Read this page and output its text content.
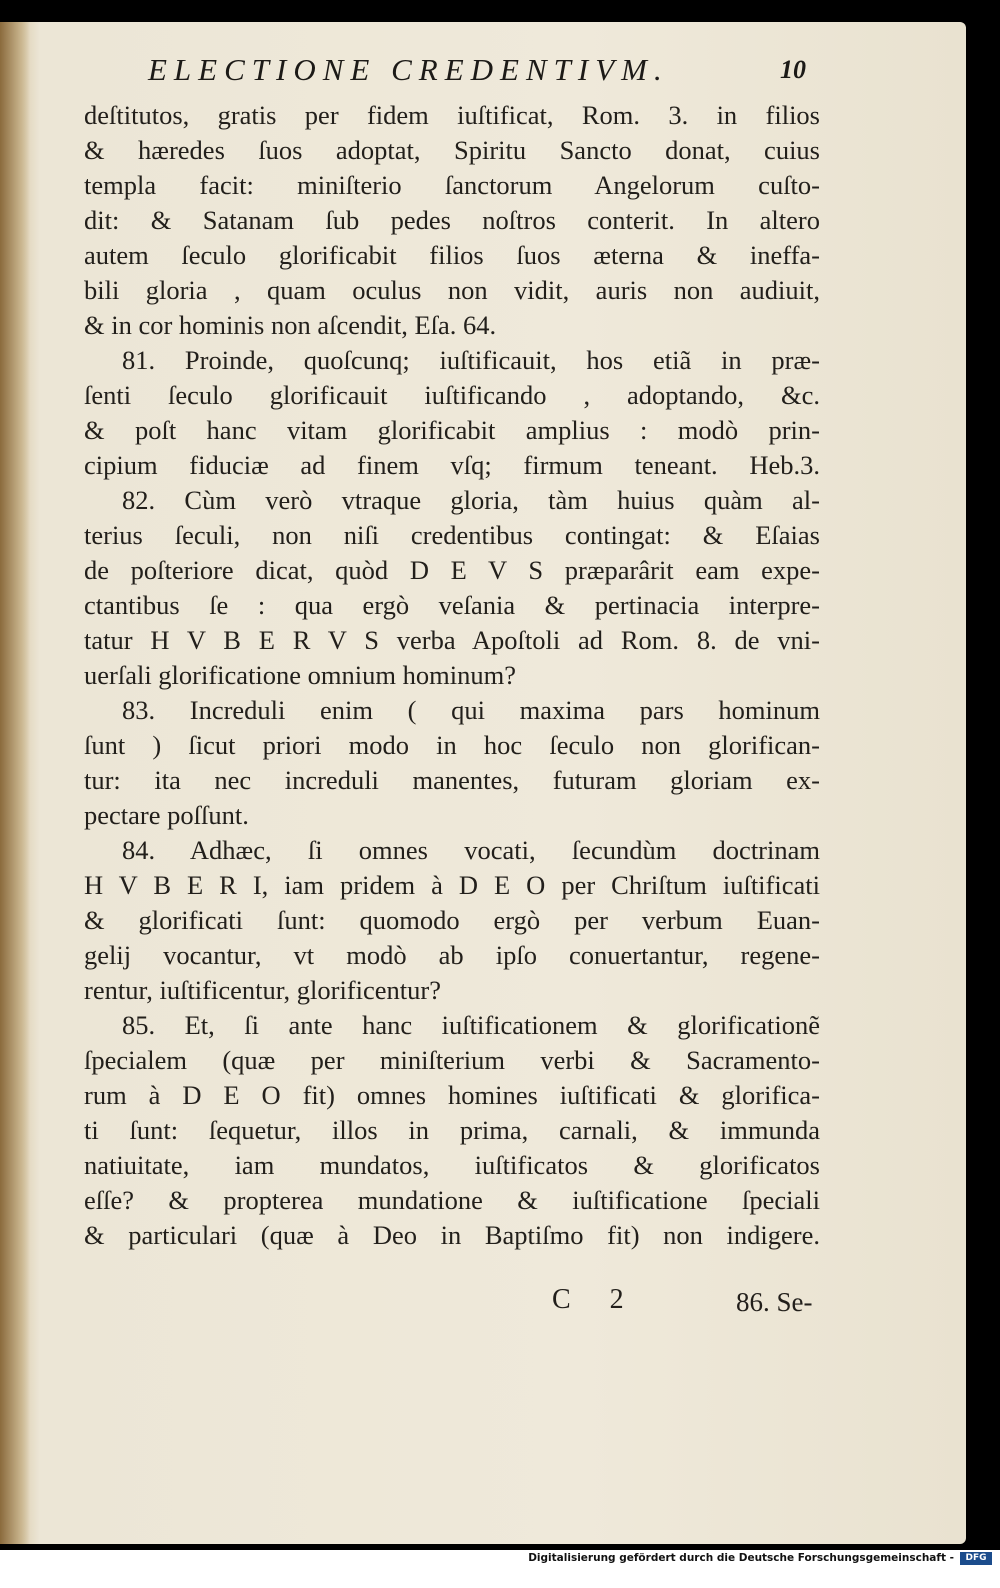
ELECTIONE CREDENTIVM.	10
deſtitutos, gratis per fidem iuſtificat, Rom. 3. in filios
& hæredes ſuos adoptat, Spiritu Sancto donat, cuius
templa facit: miniſterio ſanctorum Angelorum cuſto-
dit: & Satanam ſub pedes noſtros conterit. In altero
autem ſeculo glorificabit filios ſuos æterna & ineffa-
bili gloria , quam oculus non vidit, auris non audiuit,
& in cor hominis non aſcendit, Eſa. 64.
81. Proinde, quoſcunq; iuſtificauit, hos etiã in præ-
ſenti ſeculo glorificauit iuſtificando , adoptando, &c.
& poſt hanc vitam glorificabit amplius : modò prin-
cipium fiduciæ ad finem vſq; firmum teneant. Heb.3.
82. Cùm verò vtraque gloria, tàm huius quàm al-
terius ſeculi, non niſi credentibus contingat: & Eſaias
de poſteriore dicat, quòd D E V S præparârit eam expe-
ctantibus ſe : qua ergò veſania & pertinacia interpre-
tatur H V B E R V S verba Apoſtoli ad Rom. 8. de vni-
uerſali glorificatione omnium hominum?
83. Increduli enim ( qui maxima pars hominum
ſunt ) ſicut priori modo in hoc ſeculo non glorifican-
tur: ita nec increduli manentes, futuram gloriam ex-
pectare poſſunt.
84. Adhæc, ſi omnes vocati, ſecundùm doctrinam
H V B E R I, iam pridem à D E O per Chriſtum iuſtificati
& glorificati ſunt: quomodo ergò per verbum Euan-
gelij vocantur, vt modò ab ipſo conuertantur, regene-
rentur, iuſtificentur, glorificentur?
85. Et, ſi ante hanc iuſtificationem & glorificationẽ
ſpecialem (quæ per miniſterium verbi & Sacramento-
rum à D E O fit) omnes homines iuſtificati & glorifica-
ti ſunt: ſequetur, illos in prima, carnali, & immunda
natiuitate, iam mundatos, iuſtificatos & glorificatos
eſſe? & propterea mundatione & iuſtificatione ſpeciali
& particulari (quæ à Deo in Baptiſmo fit) non indigere.
C 2	86. Se-
Digitalisierung gefördert durch die Deutsche Forschungsgemeinschaft -	DFG
